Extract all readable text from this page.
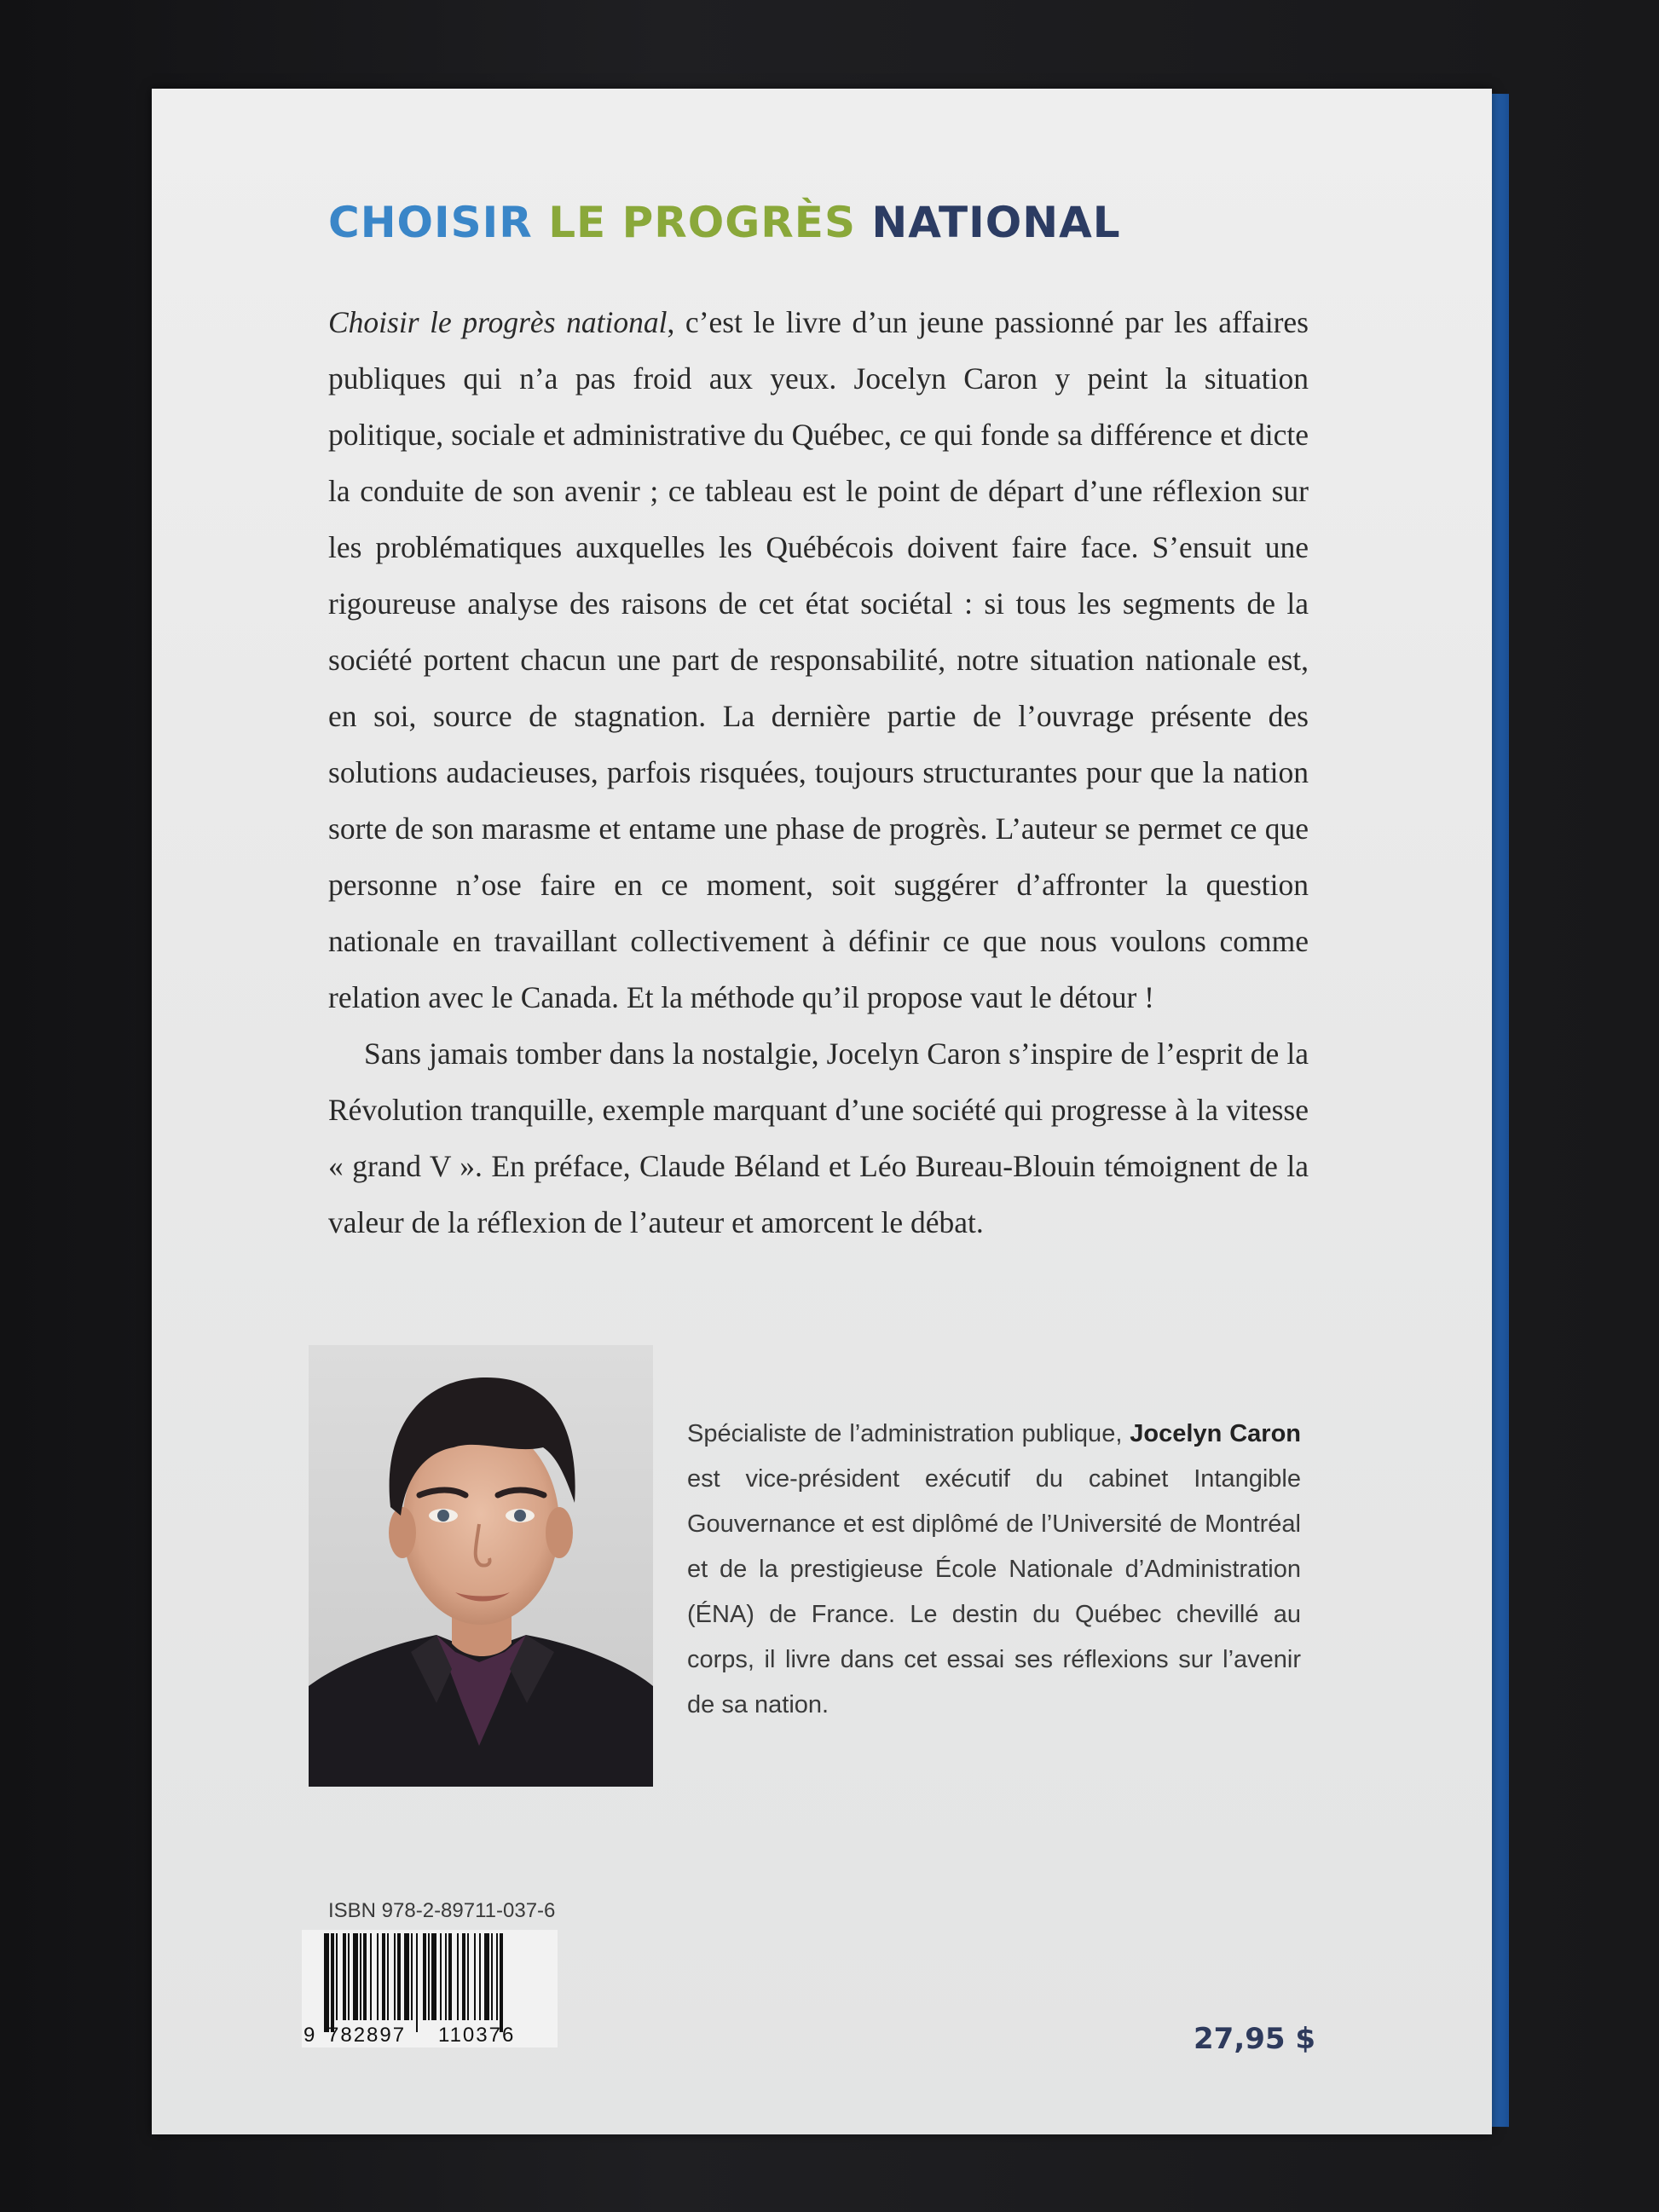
CHOISIR LE PROGRÈS NATIONAL

Choisir le progrès national, c’est le livre d’un jeune passionné par les affaires publiques qui n’a pas froid aux yeux. Jocelyn Caron y peint la situation politique, sociale et administrative du Québec, ce qui fonde sa différence et dicte la conduite de son avenir ; ce tableau est le point de départ d’une réflexion sur les problématiques auxquelles les Québécois doivent faire face. S’ensuit une rigoureuse analyse des raisons de cet état sociétal : si tous les segments de la société portent chacun une part de responsabilité, notre situation nationale est, en soi, source de stagnation. La dernière partie de l’ouvrage présente des solutions audacieuses, parfois risquées, toujours structurantes pour que la nation sorte de son marasme et entame une phase de progrès. L’auteur se permet ce que personne n’ose faire en ce moment, soit suggérer d’affronter la question nationale en travaillant collectivement à définir ce que nous voulons comme relation avec le Canada. Et la méthode qu’il propose vaut le détour !

Sans jamais tomber dans la nostalgie, Jocelyn Caron s’inspire de l’esprit de la Révolution tranquille, exemple marquant d’une société qui progresse à la vitesse « grand V ». En préface, Claude Béland et Léo Bureau-Blouin témoignent de la valeur de la réflexion de l’auteur et amorcent le débat.

Spécialiste de l’administration publique, Jocelyn Caron est vice-président exécutif du cabinet Intangible Gouvernance et est diplômé de l’Université de Montréal et de la prestigieuse École Nationale d’Administration (ÉNA) de France. Le destin du Québec chevillé au corps, il livre dans cet essai ses réflexions sur l’avenir de sa nation.

ISBN 978-2-89711-037-6
9 782897 110376	27,95 $
